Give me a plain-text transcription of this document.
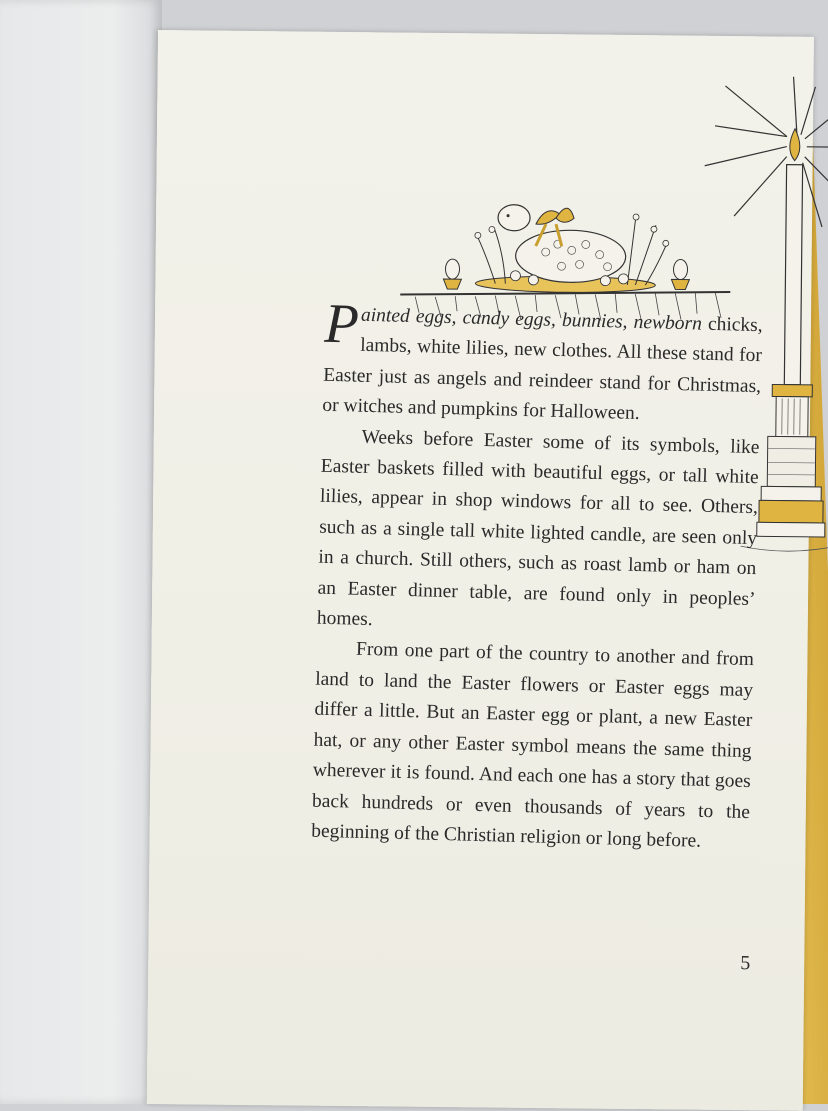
Painted eggs, candy eggs, bunnies, newborn chicks, lambs, white lilies, new clothes. All these stand for Easter just as angels and reindeer stand for Christmas, or witches and pumpkins for Halloween.

Weeks before Easter some of its symbols, like Easter baskets filled with beautiful eggs, or tall white lilies, appear in shop windows for all to see. Others, such as a single tall white lighted candle, are seen only in a church. Still others, such as roast lamb or ham on an Easter dinner table, are found only in peoples’ homes.

From one part of the country to another and from land to land the Easter flowers or Easter eggs may differ a little. But an Easter egg or plant, a new Easter hat, or any other Easter symbol means the same thing wherever it is found. And each one has a story that goes back hundreds or even thousands of years to the beginning of the Christian religion or long before.

5
